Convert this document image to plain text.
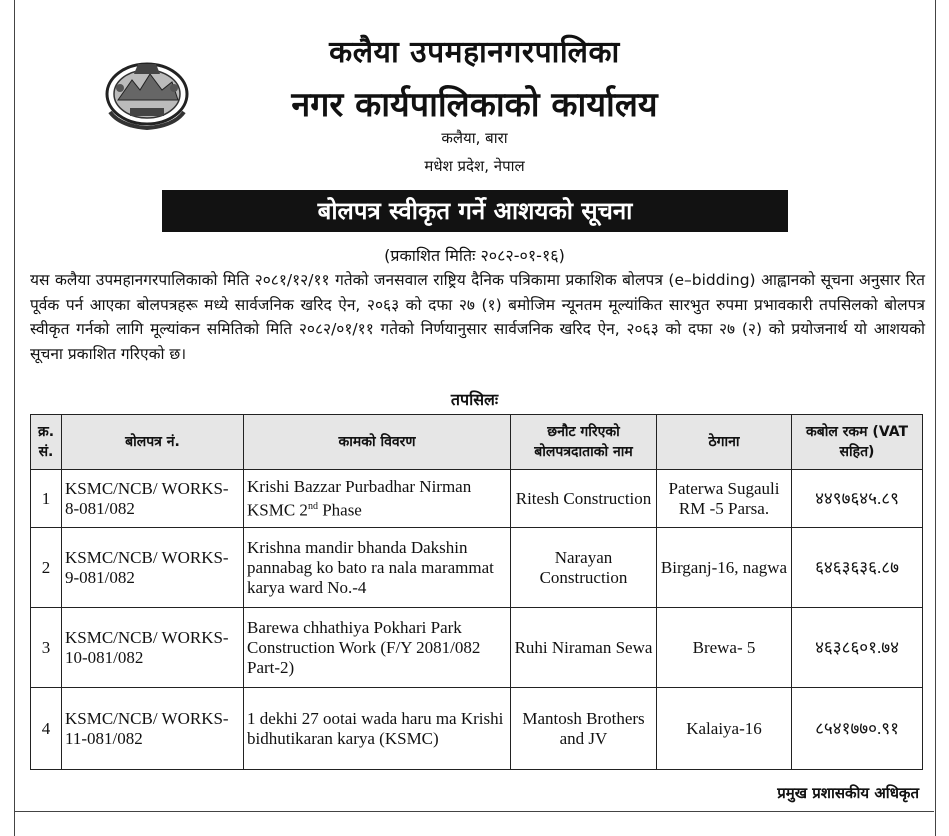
कलैया उपमहानगरपालिका
नगर कार्यपालिकाको कार्यालय
कलैया, बारा
मधेश प्रदेश, नेपाल
बोलपत्र स्वीकृत गर्ने आशयको सूचना
(प्रकाशित मितिः २०८२-०१-१६)
यस कलैया उपमहानगरपालिकाको मिति २०८१/१२/११ गतेको जनसवाल राष्ट्रिय दैनिक पत्रिकामा प्रकाशिक बोलपत्र (e–bidding) आह्वानको सूचना अनुसार रित पूर्वक पर्न आएका बोलपत्रहरू मध्ये सार्वजनिक खरिद ऐन, २०६३ को दफा २७ (१) बमोजिम न्यूनतम मूल्यांकित सारभुत रुपमा प्रभावकारी तपसिलको बोलपत्र स्वीकृत गर्नको लागि मूल्यांकन समितिको मिति २०८२/०१/११ गतेको निर्णयानुसार सार्वजनिक खरिद ऐन, २०६३ को दफा २७ (२) को प्रयोजनार्थ यो आशयको सूचना प्रकाशित गरिएको छ।
तपसिलः
क्र. सं.	बोलपत्र नं.	कामको विवरण	छनौट गरिएको बोलपत्रदाताको नाम	ठेगाना	कबोल रकम (VAT सहित)
1	KSMC/NCB/ WORKS-8-081/082	Krishi Bazzar Purbadhar Nirman KSMC 2nd Phase	Ritesh Construction	Paterwa Sugauli RM -5 Parsa.	४४९७६४५.८९
2	KSMC/NCB/ WORKS-9-081/082	Krishna mandir bhanda Dakshin pannabag ko bato ra nala marammat karya ward No.-4	Narayan Construction	Birganj-16, nagwa	६४६३६३६.८७
3	KSMC/NCB/ WORKS-10-081/082	Barewa chhathiya Pokhari Park Construction Work (F/Y 2081/082 Part-2)	Ruhi Niraman Sewa	Brewa- 5	४६३८६०१.७४
4	KSMC/NCB/ WORKS-11-081/082	1 dekhi 27 ootai wada haru ma Krishi bidhutikaran karya (KSMC)	Mantosh Brothers and JV	Kalaiya-16	८५४१७७०.९१
प्रमुख प्रशासकीय अधिकृत
